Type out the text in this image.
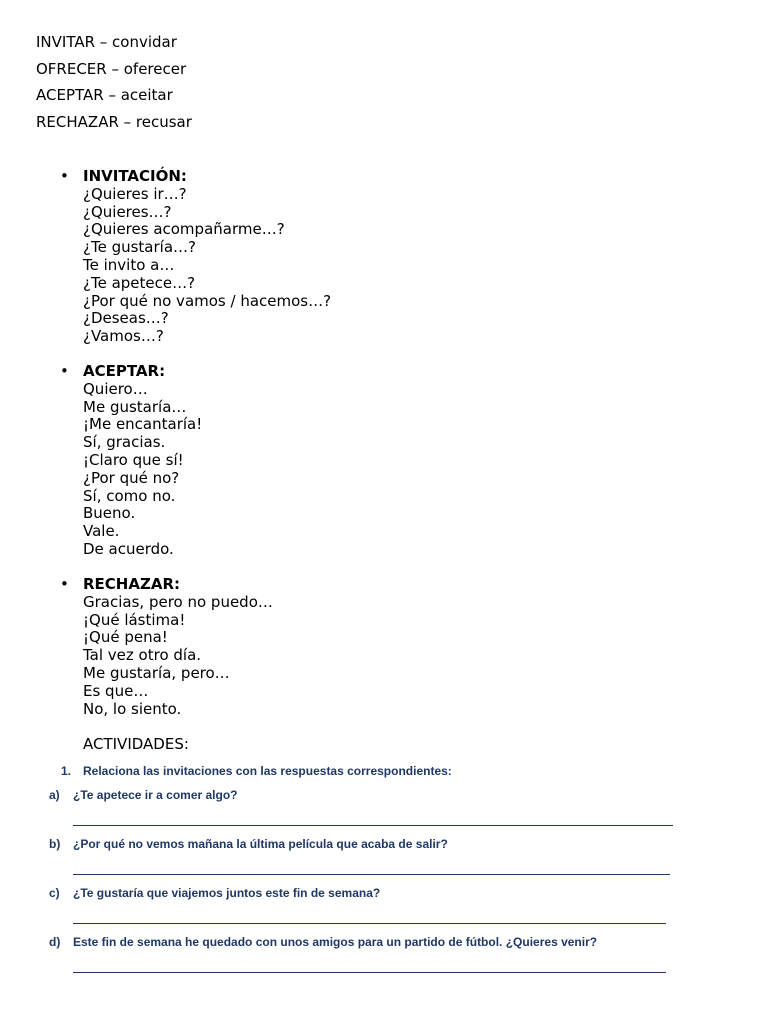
INVITAR – convidar
OFRECER – oferecer
ACEPTAR – aceitar
RECHAZAR – recusar
• INVITACIÓN:
¿Quieres ir…?
¿Quieres…?
¿Quieres acompañarme…?
¿Te gustaría…?
Te invito a…
¿Te apetece…?
¿Por qué no vamos / hacemos…?
¿Deseas…?
¿Vamos…?
• ACEPTAR:
Quiero…
Me gustaría…
¡Me encantaría!
Sí, gracias.
¡Claro que sí!
¿Por qué no?
Sí, como no.
Bueno.
Vale.
De acuerdo.
• RECHAZAR:
Gracias, pero no puedo…
¡Qué lástima!
¡Qué pena!
Tal vez otro día.
Me gustaría, pero…
Es que…
No, lo siento.
ACTIVIDADES:
1. Relaciona las invitaciones con las respuestas correspondientes:
a) ¿Te apetece ir a comer algo?
b) ¿Por qué no vemos mañana la última película que acaba de salir?
c) ¿Te gustaría que viajemos juntos este fin de semana?
d) Este fin de semana he quedado con unos amigos para un partido de fútbol. ¿Quieres venir?
